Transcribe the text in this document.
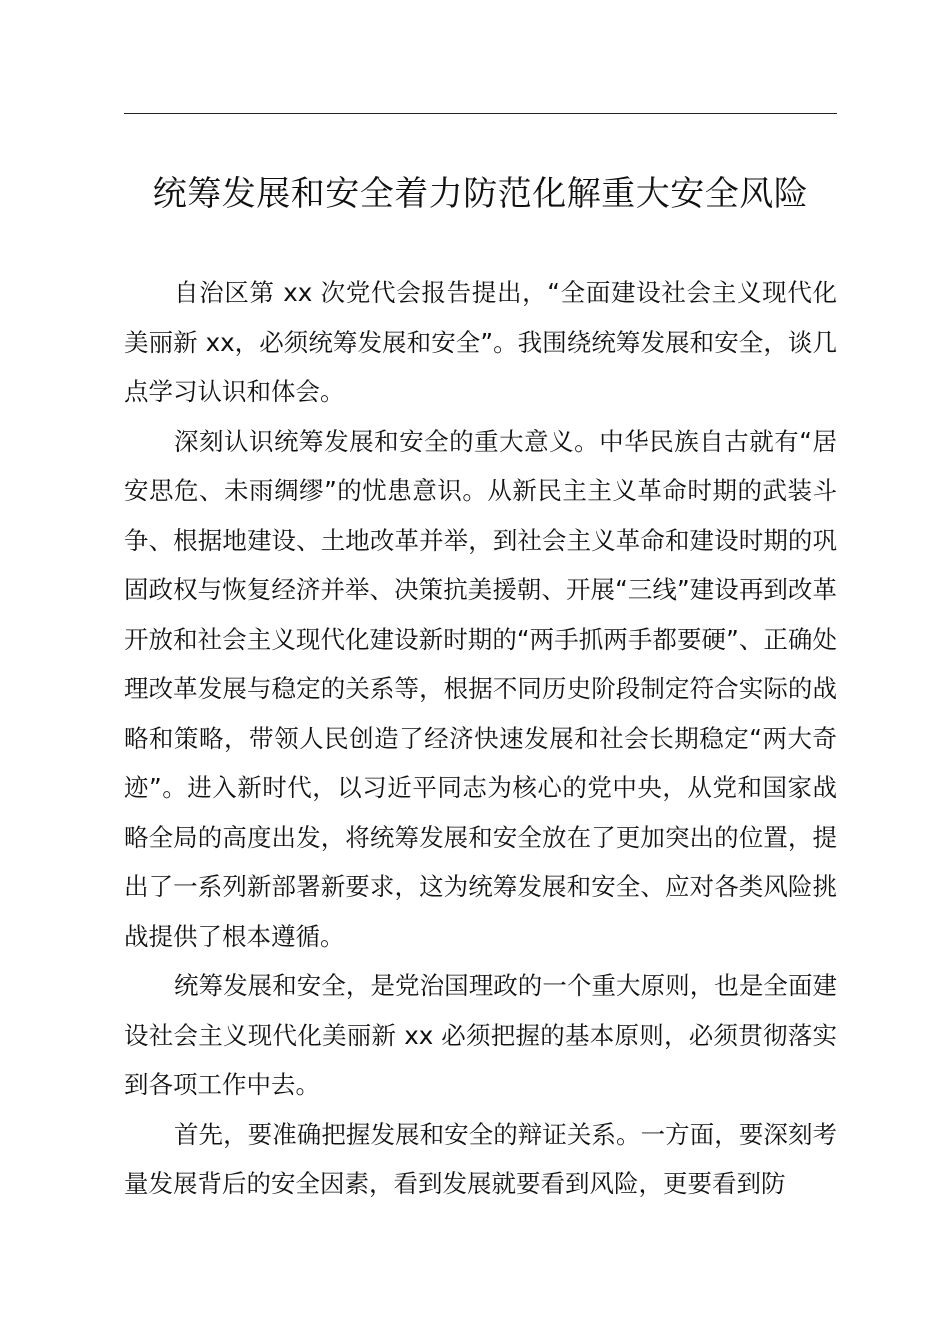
统筹发展和安全着力防范化解重大安全风险

自治区第 xx 次党代会报告提出，“全面建设社会主义现代化美丽新 xx，必须统筹发展和安全”。我围绕统筹发展和安全，谈几点学习认识和体会。

深刻认识统筹发展和安全的重大意义。中华民族自古就有“居安思危、未雨绸缪”的忧患意识。从新民主主义革命时期的武装斗争、根据地建设、土地改革并举，到社会主义革命和建设时期的巩固政权与恢复经济并举、决策抗美援朝、开展“三线”建设再到改革开放和社会主义现代化建设新时期的“两手抓两手都要硬”、正确处理改革发展与稳定的关系等，根据不同历史阶段制定符合实际的战略和策略，带领人民创造了经济快速发展和社会长期稳定“两大奇迹”。进入新时代，以习近平同志为核心的党中央，从党和国家战略全局的高度出发，将统筹发展和安全放在了更加突出的位置，提出了一系列新部署新要求，这为统筹发展和安全、应对各类风险挑战提供了根本遵循。

统筹发展和安全，是党治国理政的一个重大原则，也是全面建设社会主义现代化美丽新 xx 必须把握的基本原则，必须贯彻落实到各项工作中去。

首先，要准确把握发展和安全的辩证关系。一方面，要深刻考量发展背后的安全因素，看到发展就要看到风险，更要看到防
